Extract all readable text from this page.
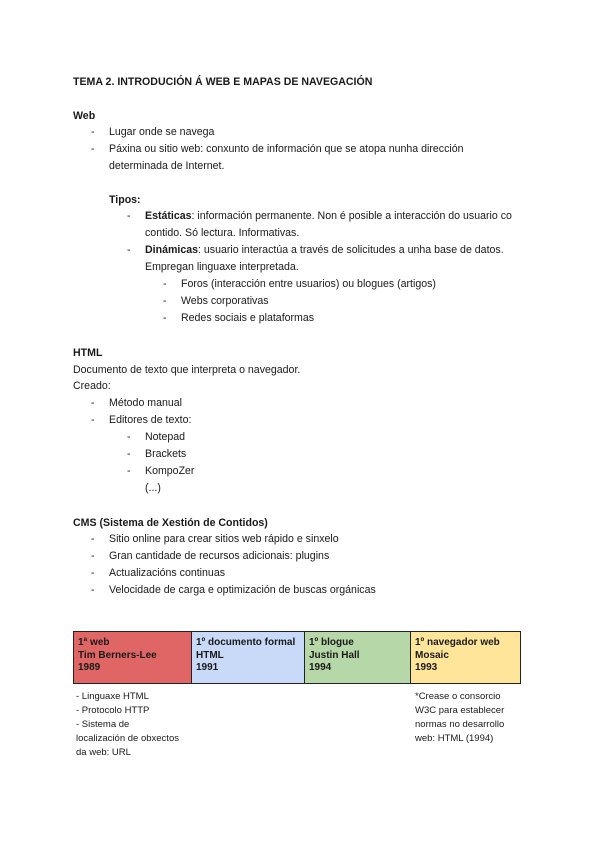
TEMA 2. INTRODUCIÓN Á WEB E MAPAS DE NAVEGACIÓN
Web
- Lugar onde se navega
- Páxina ou sitio web: conxunto de información que se atopa nunha dirección
determinada de Internet.
Tipos:
- Estáticas: información permanente. Non é posible a interacción do usuario co
contido. Só lectura. Informativas.
- Dinámicas: usuario interactúa a través de solicitudes a unha base de datos.
Empregan linguaxe interpretada.
- Foros (interacción entre usuarios) ou blogues (artigos)
- Webs corporativas
- Redes sociais e plataformas
HTML
Documento de texto que interpreta o navegador.
Creado:
- Método manual
- Editores de texto:
- Notepad
- Brackets
- KompoZer
(...)
CMS (Sistema de Xestión de Contidos)
- Sitio online para crear sitios web rápido e sinxelo
- Gran cantidade de recursos adicionais: plugins
- Actualizacións continuas
- Velocidade de carga e optimización de buscas orgánicas
1ª web
Tim Berners-Lee
1989
1º documento formal
HTML
1991
1º blogue
Justin Hall
1994
1º navegador web
Mosaic
1993
- Linguaxe HTML
- Protocolo HTTP
- Sistema de
localización de obxectos
da web: URL
*Crease o consorcio
W3C para establecer
normas no desarrollo
web: HTML (1994)
